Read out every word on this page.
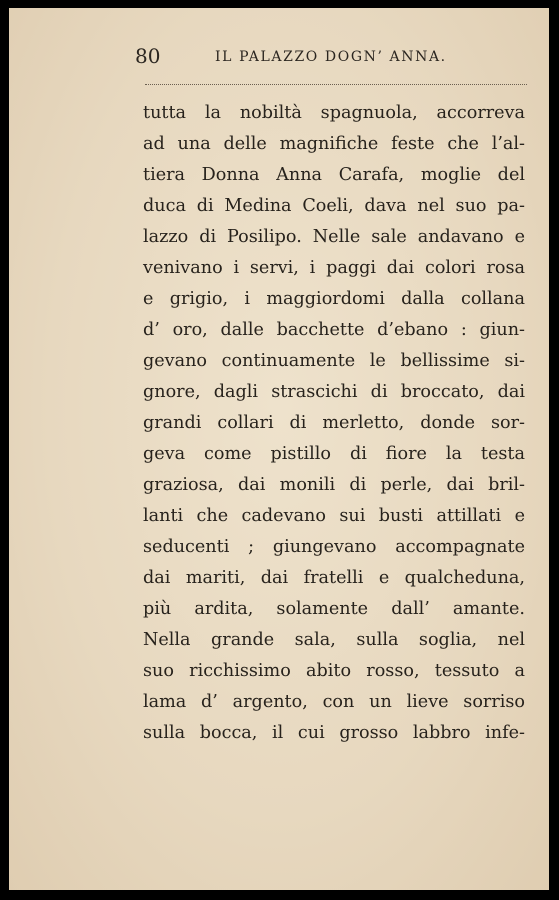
80	IL PALAZZO DOGN’ ANNA.
tutta la nobiltà spagnuola, accorreva
ad una delle magnifiche feste che l’al-
tiera Donna Anna Carafa, moglie del
duca di Medina Coeli, dava nel suo pa-
lazzo di Posilipo. Nelle sale andavano e
venivano i servi, i paggi dai colori rosa
e grigio, i maggiordomi dalla collana
d’ oro, dalle bacchette d’ebano : giun-
gevano continuamente le bellissime si-
gnore, dagli strascichi di broccato, dai
grandi collari di merletto, donde sor-
geva come pistillo di fiore la testa
graziosa, dai monili di perle, dai bril-
lanti che cadevano sui busti attillati e
seducenti ; giungevano accompagnate
dai mariti, dai fratelli e qualcheduna,
più ardita, solamente dall’ amante.
Nella grande sala, sulla soglia, nel
suo ricchissimo abito rosso, tessuto a
lama d’ argento, con un lieve sorriso
sulla bocca, il cui grosso labbro infe-
